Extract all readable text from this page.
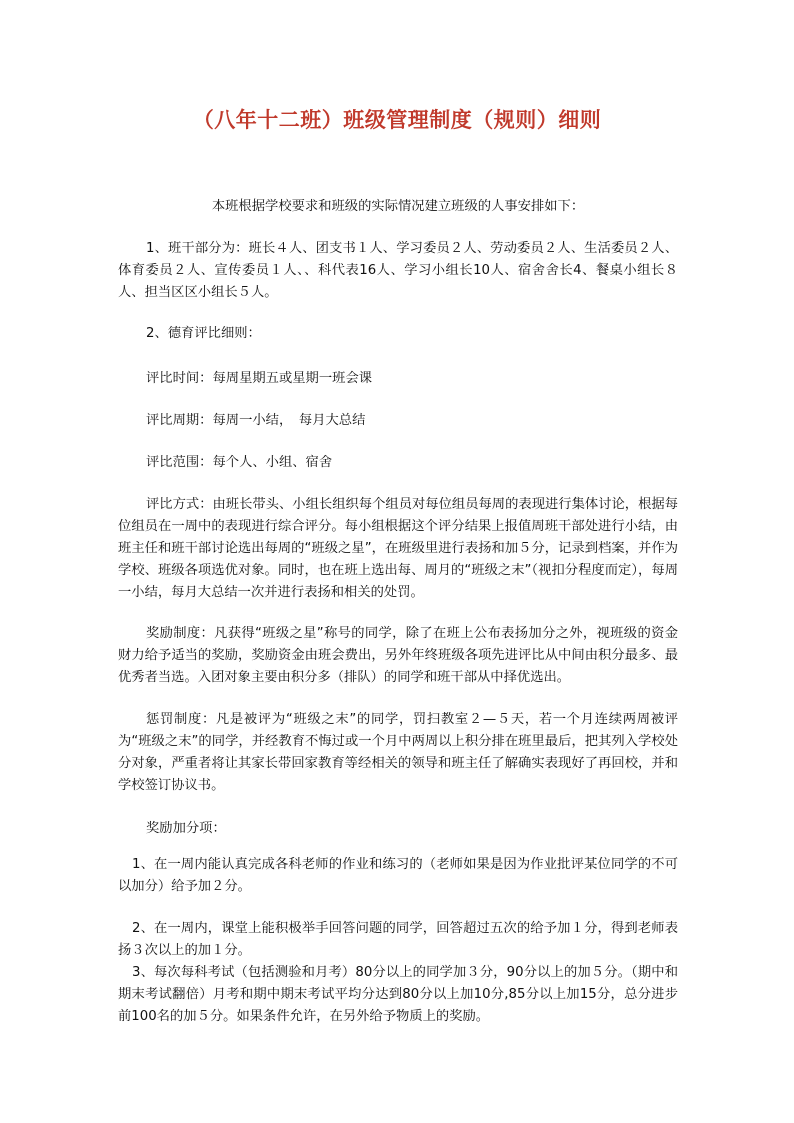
（八年十二班）班级管理制度（规则）细则

本班根据学校要求和班级的实际情况建立班级的人事安排如下：

1、班干部分为：班长４人、团支书１人、学习委员２人、劳动委员２人、生活委员２人、体育委员２人、宣传委员１人、、科代表16人、学习小组长10人、宿舍舍长4、餐桌小组长８人、担当区区小组长５人。

2、德育评比细则：

评比时间：每周星期五或星期一班会课

评比周期：每周一小结，　每月大总结

评比范围：每个人、小组、宿舍

评比方式：由班长带头、小组长组织每个组员对每位组员每周的表现进行集体讨论，根据每位组员在一周中的表现进行综合评分。每小组根据这个评分结果上报值周班干部处进行小结，由班主任和班干部讨论选出每周的“班级之星”，在班级里进行表扬和加５分，记录到档案，并作为学校、班级各项选优对象。同时，也在班上选出每、周月的“班级之末”（视扣分程度而定），每周一小结，每月大总结一次并进行表扬和相关的处罚。

奖励制度：凡获得“班级之星”称号的同学，除了在班上公布表扬加分之外，视班级的资金财力给予适当的奖励，奖励资金由班会费出，另外年终班级各项先进评比从中间由积分最多、最优秀者当选。入团对象主要由积分多（排队）的同学和班干部从中择优选出。

惩罚制度：凡是被评为“班级之末”的同学，罚扫教室２—５天，若一个月连续两周被评为“班级之末”的同学，并经教育不悔过或一个月中两周以上积分排在班里最后，把其列入学校处分对象，严重者将让其家长带回家教育等经相关的领导和班主任了解确实表现好了再回校，并和学校签订协议书。

奖励加分项：

1、在一周内能认真完成各科老师的作业和练习的（老师如果是因为作业批评某位同学的不可以加分）给予加２分。

2、在一周内，课堂上能积极举手回答问题的同学，回答超过五次的给予加１分，得到老师表扬３次以上的加１分。

3、每次每科考试（包括测验和月考）80分以上的同学加３分，90分以上的加５分。（期中和期末考试翻倍）月考和期中期末考试平均分达到80分以上加10分,85分以上加15分，总分进步前100名的加５分。如果条件允许，在另外给予物质上的奖励。
